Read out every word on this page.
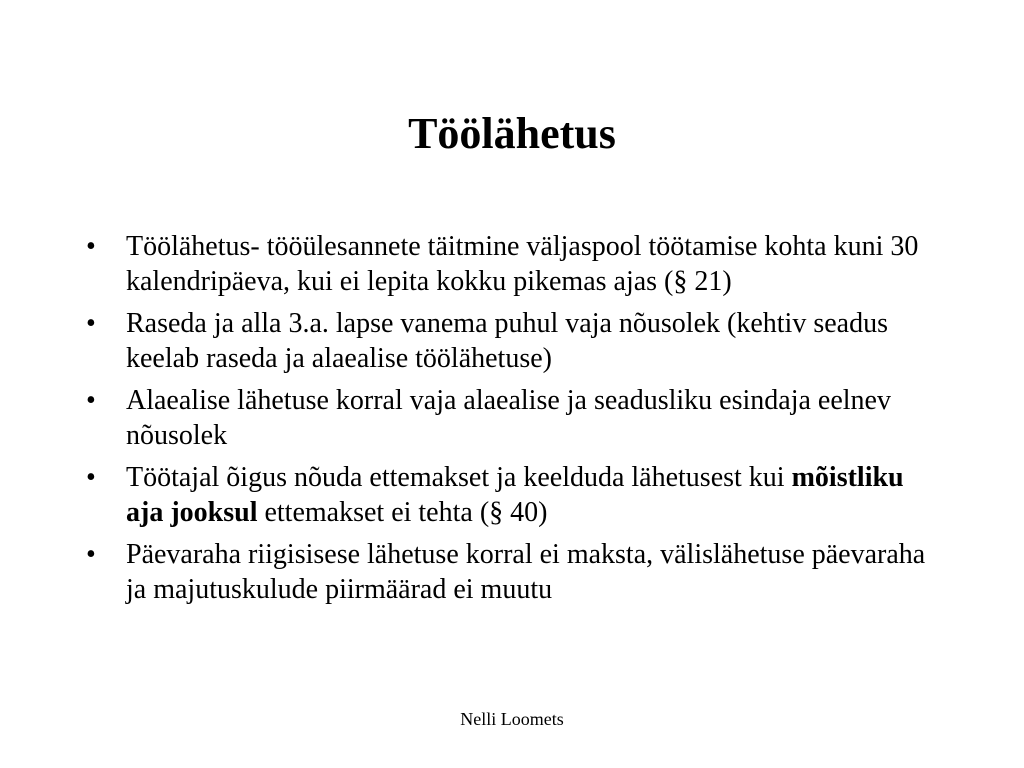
Töölähetus
•	Töölähetus- tööülesannete täitmine väljaspool töötamise kohta kuni 30 kalendripäeva, kui ei lepita kokku pikemas ajas (§ 21)
•	Raseda ja alla 3.a. lapse vanema puhul vaja nõusolek (kehtiv seadus keelab raseda ja alaealise töölähetuse)
•	Alaealise lähetuse korral vaja alaealise ja seadusliku esindaja eelnev nõusolek
•	Töötajal õigus nõuda ettemakset ja keelduda lähetusest kui mõistliku aja jooksul ettemakset ei tehta (§ 40)
•	Päevaraha riigisisese lähetuse korral ei maksta, välislähetuse päevaraha ja majutuskulude piirmäärad ei muutu
Nelli Loomets
